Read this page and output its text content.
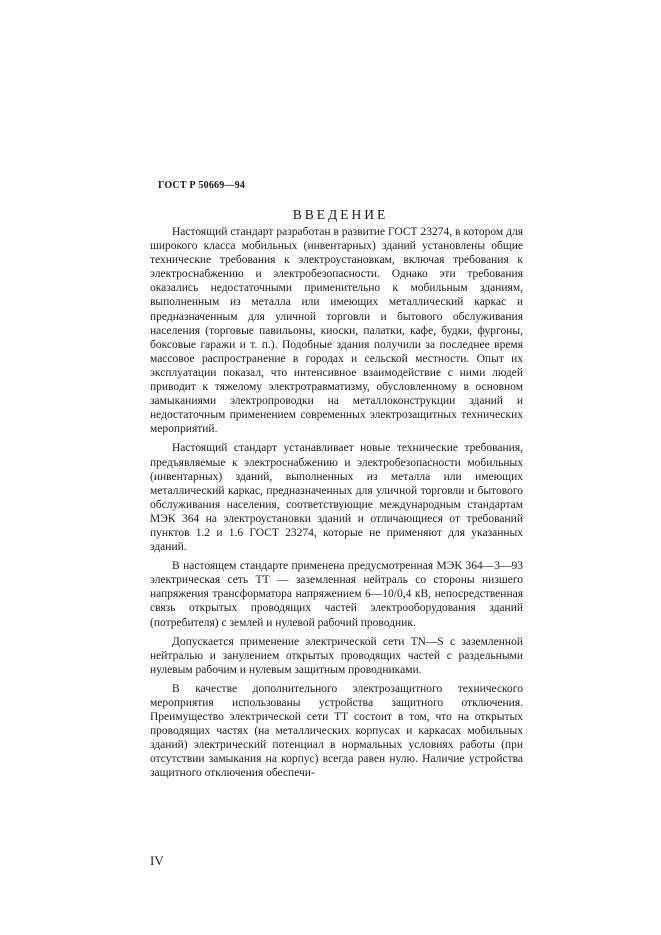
ГОСТ Р 50669—94
ВВЕДЕНИЕ

Настоящий стандарт разработан в развитие ГОСТ 23274, в котором для широкого класса мобильных (инвентарных) зданий установлены общие технические требования к электроустановкам, включая требования к электроснабжению и электробезопасности. Однако эти требования оказались недостаточными применительно к мобильным зданиям, выполненным из металла или имеющих металлический каркас и предназначенным для уличной торговли и бытового обслуживания населения (торговые павильоны, киоски, палатки, кафе, будки, фургоны, боксовые гаражи и т. п.). Подобные здания получили за последнее время массовое распространение в городах и сельской местности. Опыт их эксплуатации показал, что интенсивное взаимодействие с ними людей приводит к тяжелому электротравматизму, обусловленному в основном замыканиями электропроводки на металлоконструкции зданий и недостаточным применением современных электрозащитных технических мероприятий.

Настоящий стандарт устанавливает новые технические требования, предъявляемые к электроснабжению и электробезопасности мобильных (инвентарных) зданий, выполненных из металла или имеющих металлический каркас, предназначенных для уличной торговли и бытового обслуживания населения, соответствующие международным стандартам МЭК 364 на электроустановки зданий и отличающиеся от требований пунктов 1.2 и 1.6 ГОСТ 23274, которые не применяют для указанных зданий.

В настоящем стандарте применена предусмотренная МЭК 364—3—93 электрическая сеть ТТ — заземленная нейтраль со стороны низшего напряжения трансформатора напряжением 6—10/0,4 кВ, непосредственная связь открытых проводящих частей электрооборудования зданий (потребителя) с землей и нулевой рабочий проводник.

Допускается применение электрической сети TN—S с заземленной нейтралью и занулением открытых проводящих частей с раздельными нулевым рабочим и нулевым защитным проводниками.

В качестве дополнительного электрозащитного технического мероприятия использованы устройства защитного отключения. Преимущество электрической сети ТТ состоит в том, что на открытых проводящих частях (на металлических корпусах и каркасах мобильных зданий) электрический потенциал в нормальных условиях работы (при отсутствии замыкания на корпус) всегда равен нулю. Наличие устройства защитного отключения обеспечи-

IV
